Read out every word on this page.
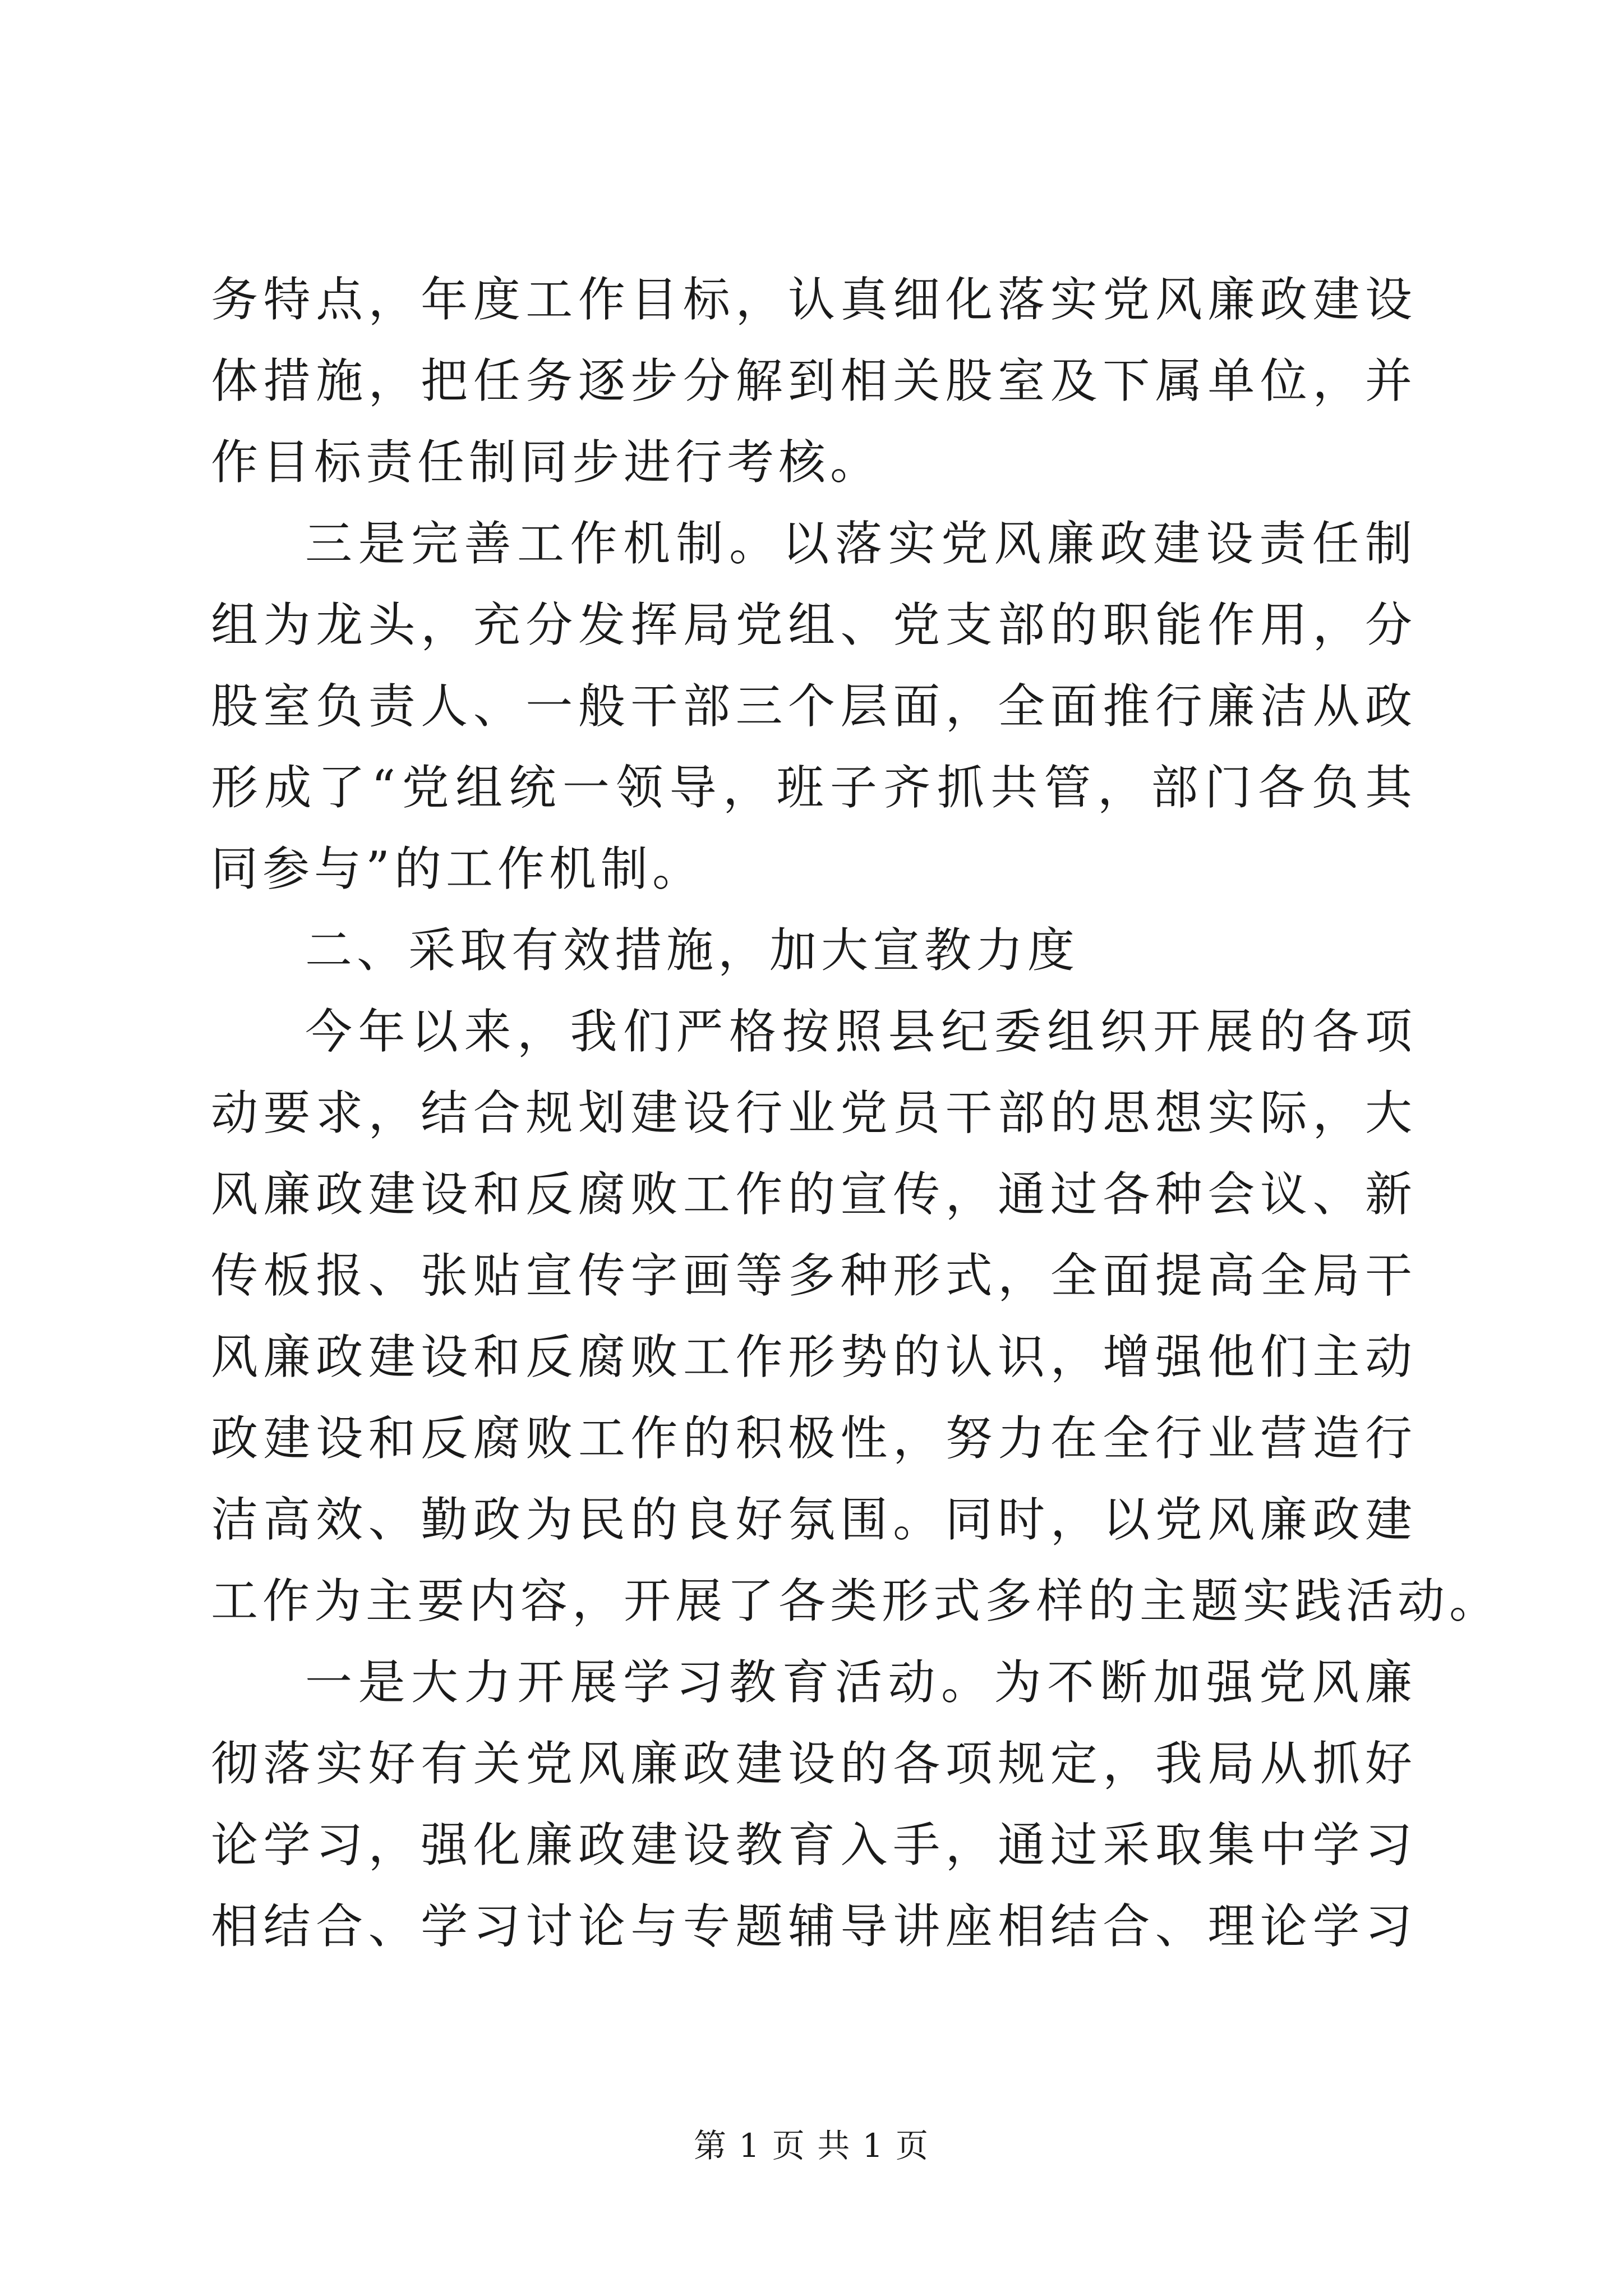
务特点，年度工作目标，认真细化落实党风廉政建设
体措施，把任务逐步分解到相关股室及下属单位，并
作目标责任制同步进行考核。
三是完善工作机制。以落实党风廉政建设责任制
组为龙头，充分发挥局党组、党支部的职能作用，分
股室负责人、一般干部三个层面，全面推行廉洁从政
形成了“党组统一领导，班子齐抓共管，部门各负其
同参与”的工作机制。
二、采取有效措施，加大宣教力度
今年以来，我们严格按照县纪委组织开展的各项
动要求，结合规划建设行业党员干部的思想实际，大
风廉政建设和反腐败工作的宣传，通过各种会议、新
传板报、张贴宣传字画等多种形式，全面提高全局干
风廉政建设和反腐败工作形势的认识，增强他们主动
政建设和反腐败工作的积极性，努力在全行业营造行
洁高效、勤政为民的良好氛围。同时，以党风廉政建
工作为主要内容，开展了各类形式多样的主题实践活动。
一是大力开展学习教育活动。为不断加强党风廉
彻落实好有关党风廉政建设的各项规定，我局从抓好
论学习，强化廉政建设教育入手，通过采取集中学习
相结合、学习讨论与专题辅导讲座相结合、理论学习
第 1 页 共 1 页
